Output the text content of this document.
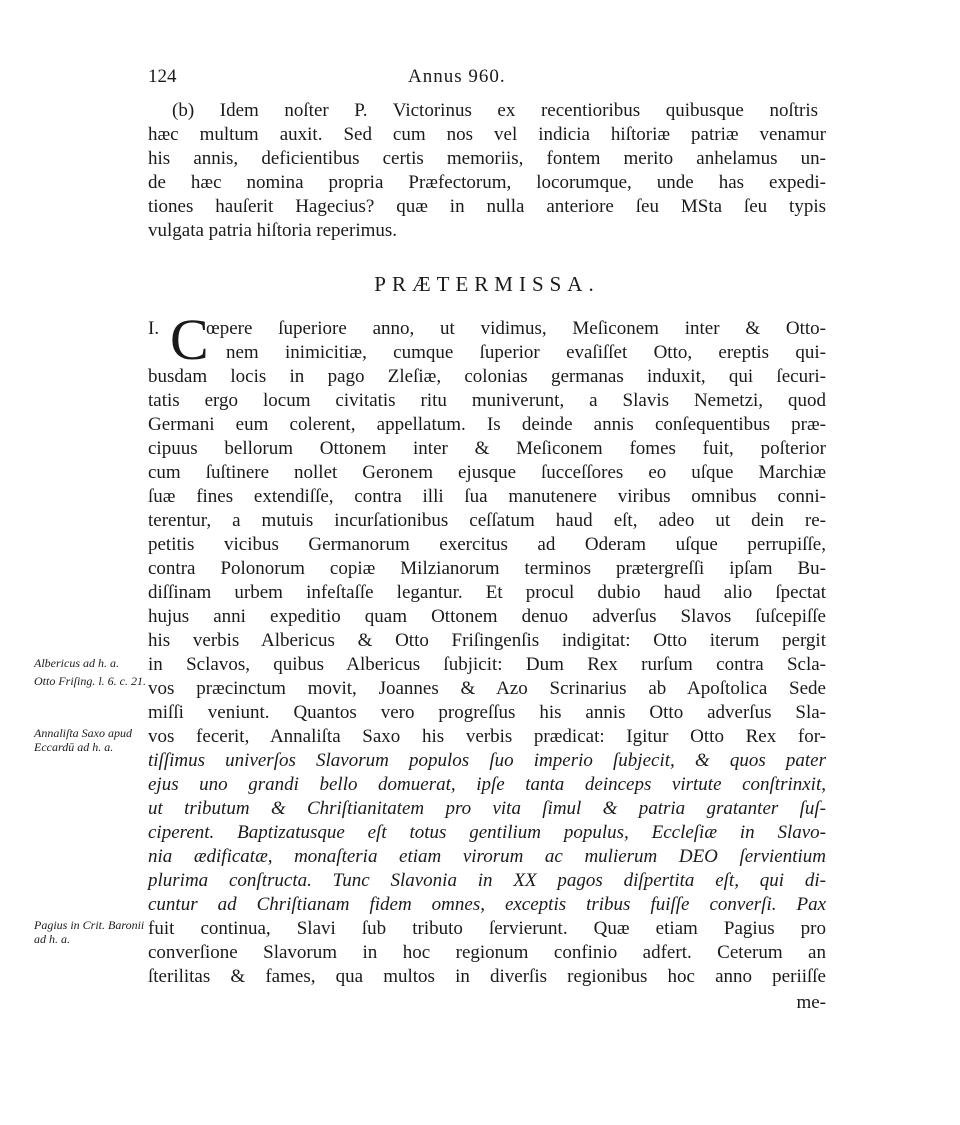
124	Annus 960.
(b) Idem noſter P. Victorinus ex recentioribus quibusque noſtris
hæc multum auxit. Sed cum nos vel indicia hiſtoriæ patriæ venamur
his annis, deficientibus certis memoriis, fontem merito anhelamus un-
de hæc nomina propria Præfectorum, locorumque, unde has expedi-
tiones hauſerit Hagecius? quæ in nulla anteriore ſeu MSta ſeu typis
vulgata patria hiſtoria reperimus.
PRÆTERMISSA.
I. C
œpere ſuperiore anno, ut vidimus, Meſiconem inter & Otto-
nem inimicitiæ, cumque ſuperior evaſiſſet Otto, ereptis qui-
busdam locis in pago Zleſiæ, colonias germanas induxit, qui ſecuri-
tatis ergo locum civitatis ritu muniverunt, a Slavis Nemetzi, quod
Germani eum colerent, appellatum. Is deinde annis conſequentibus præ-
cipuus bellorum Ottonem inter & Meſiconem fomes fuit, poſterior
cum ſuſtinere nollet Geronem ejusque ſucceſſores eo uſque Marchiæ
ſuæ fines extendiſſe, contra illi ſua manutenere viribus omnibus conni-
terentur, a mutuis incurſationibus ceſſatum haud eſt, adeo ut dein re-
petitis vicibus Germanorum exercitus ad Oderam uſque perrupiſſe,
contra Polonorum copiæ Milzianorum terminos prætergreſſi ipſam Bu-
diſſinam urbem infeſtaſſe legantur. Et procul dubio haud alio ſpectat
hujus anni expeditio quam Ottonem denuo adverſus Slavos ſuſcepiſſe
his verbis Albericus & Otto Friſingenſis indigitat: Otto iterum pergit
in Sclavos, quibus Albericus ſubjicit: Dum Rex rurſum contra Scla-
vos præcinctum movit, Joannes & Azo Scrinarius ab Apoſtolica Sede
miſſi veniunt. Quantos vero progreſſus his annis Otto adverſus Sla-
vos fecerit, Annaliſta Saxo his verbis prædicat: Igitur Otto Rex for-
tiſſimus univerſos Slavorum populos ſuo imperio ſubjecit, & quos pater
ejus uno grandi bello domuerat, ipſe tanta deinceps virtute conſtrinxit,
ut tributum & Chriſtianitatem pro vita ſimul & patria gratanter ſuſ-
ciperent. Baptizatusque eſt totus gentilium populus, Eccleſiæ in Slavo-
nia ædificatæ, monaſteria etiam virorum ac mulierum DEO ſervientium
plurima conſtructa. Tunc Slavonia in XX pagos diſpertita eſt, qui di-
cuntur ad Chriſtianam fidem omnes, exceptis tribus fuiſſe converſi. Pax
fuit continua, Slavi ſub tributo ſervierunt. Quæ etiam Pagius pro
converſione Slavorum in hoc regionum confinio adfert. Ceterum an
ſterilitas & fames, qua multos in diverſis regionibus hoc anno periiſſe
me-
Albericus ad h. a.
Otto Friſing. l. 6. c. 21.
Annaliſta Saxo apud Eccardū ad h. a.
Pagius in Crit. Baronii ad h. a.
